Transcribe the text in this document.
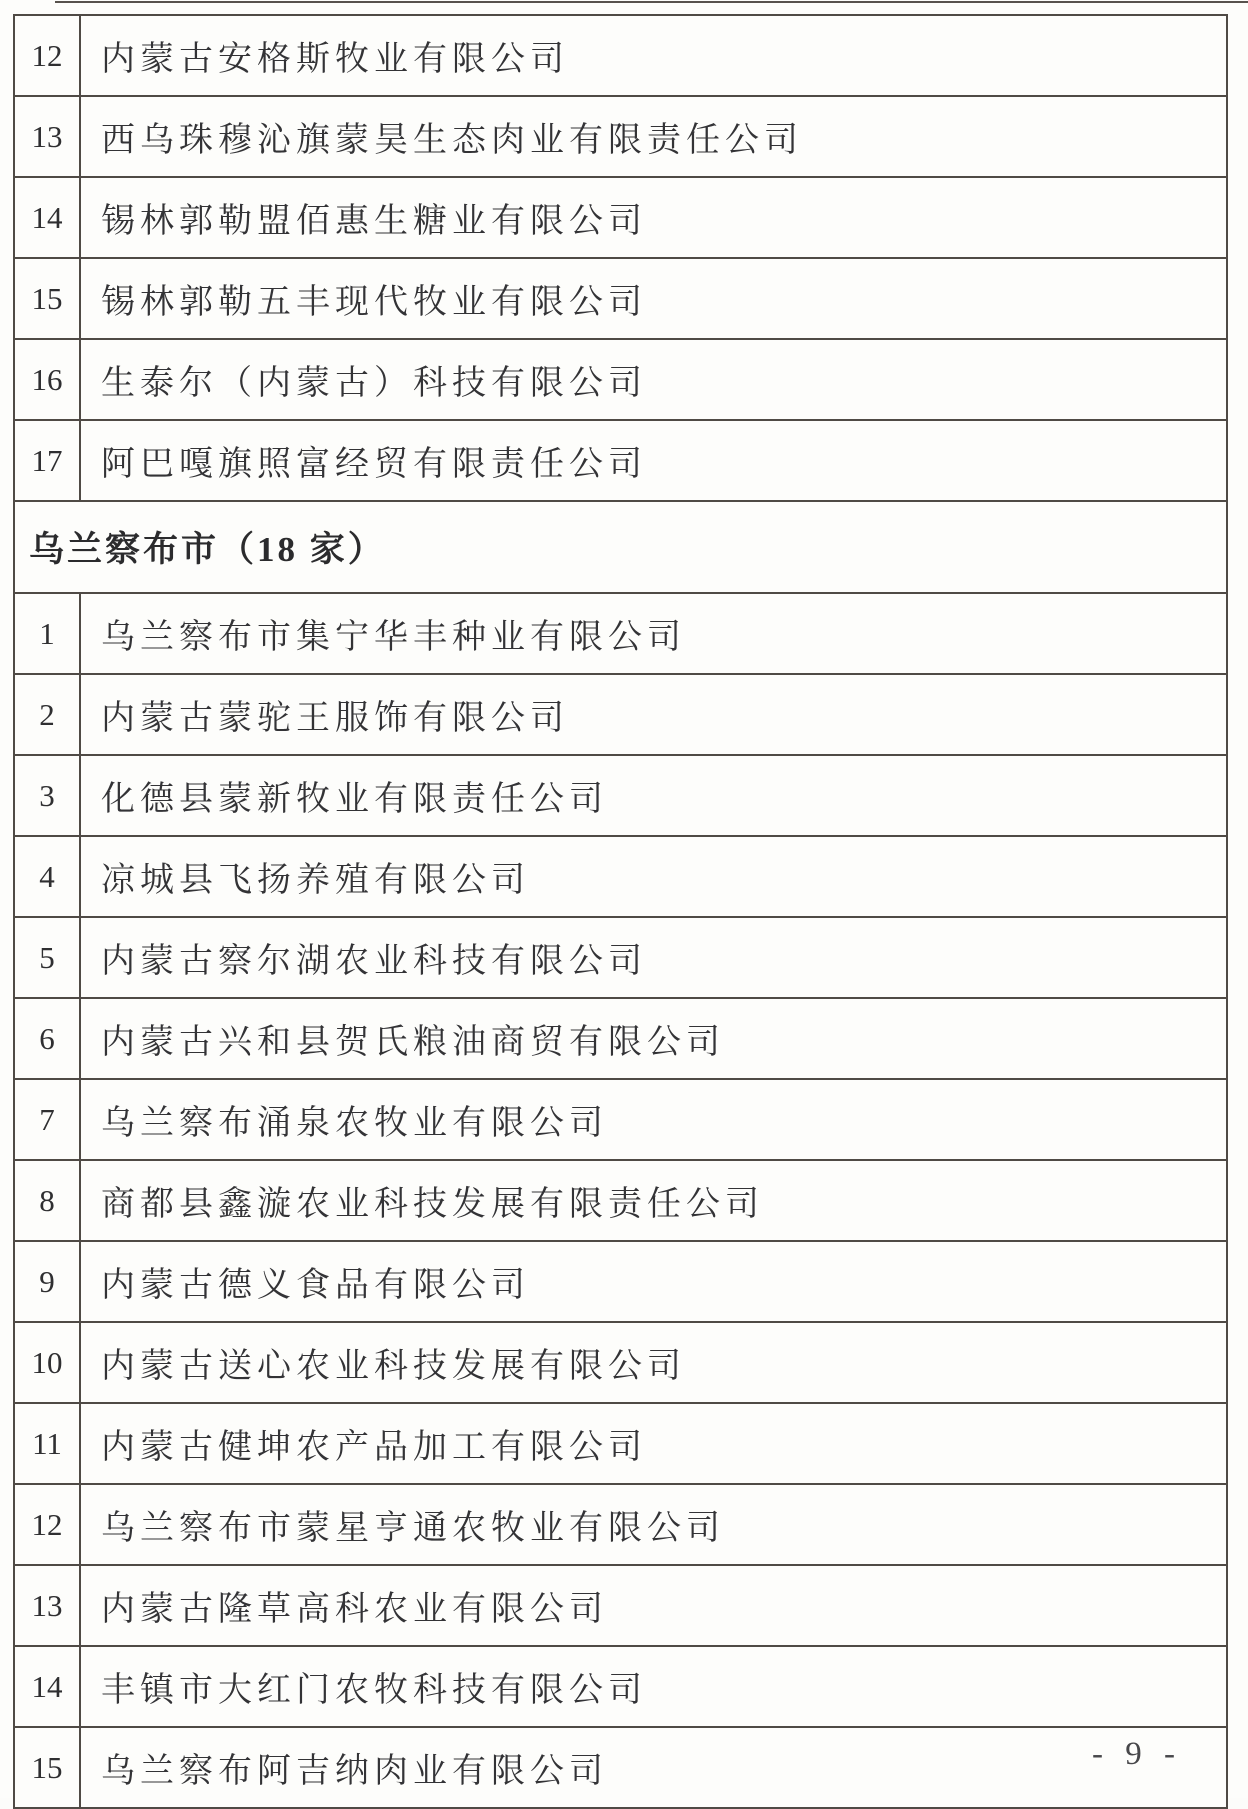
12	内蒙古安格斯牧业有限公司
13	西乌珠穆沁旗蒙昊生态肉业有限责任公司
14	锡林郭勒盟佰惠生糖业有限公司
15	锡林郭勒五丰现代牧业有限公司
16	生泰尔（内蒙古）科技有限公司
17	阿巴嘎旗照富经贸有限责任公司
乌兰察布市（18 家）	
1	乌兰察布市集宁华丰种业有限公司
2	内蒙古蒙驼王服饰有限公司
3	化德县蒙新牧业有限责任公司
4	凉城县飞扬养殖有限公司
5	内蒙古察尔湖农业科技有限公司
6	内蒙古兴和县贺氏粮油商贸有限公司
7	乌兰察布涌泉农牧业有限公司
8	商都县鑫漩农业科技发展有限责任公司
9	内蒙古德义食品有限公司
10	内蒙古送心农业科技发展有限公司
11	内蒙古健坤农产品加工有限公司
12	乌兰察布市蒙星亨通农牧业有限公司
13	内蒙古隆草高科农业有限公司
14	丰镇市大红门农牧科技有限公司
15	乌兰察布阿吉纳肉业有限公司	- 9 -
